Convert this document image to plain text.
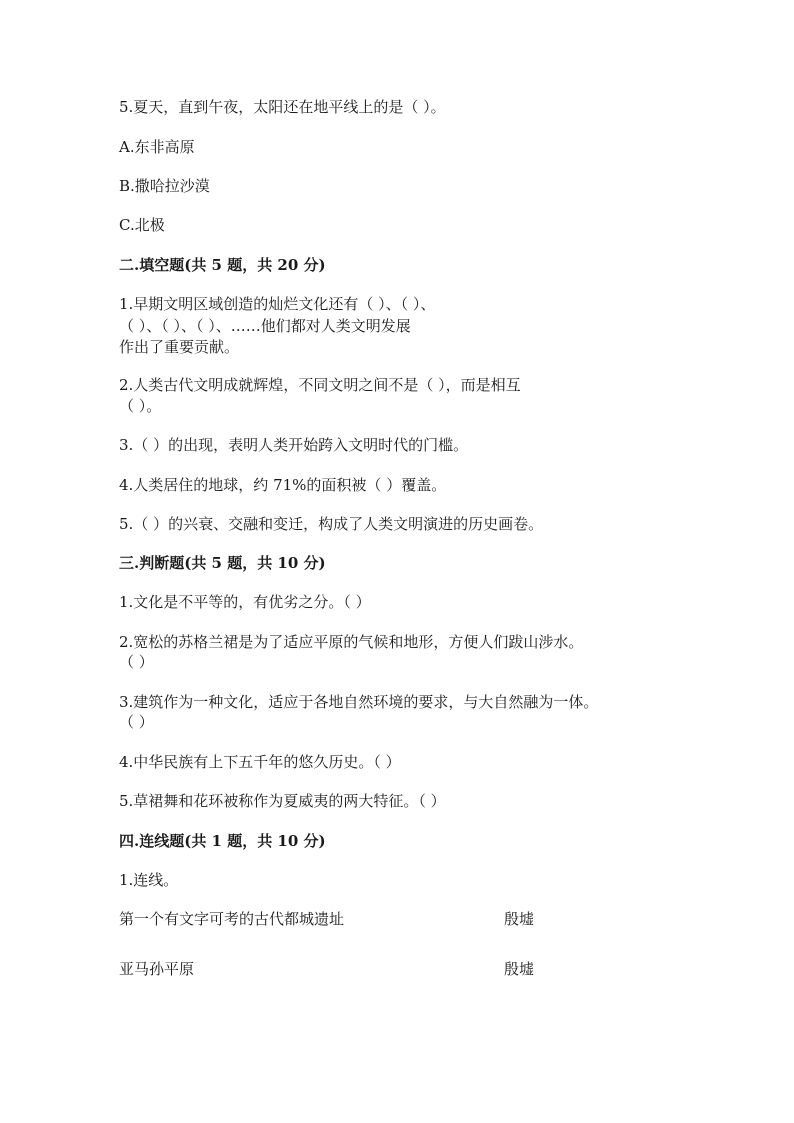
5.夏天，直到午夜，太阳还在地平线上的是（ ）。

A.东非高原

B.撒哈拉沙漠

C.北极

二.填空题(共 5 题，共 20 分)

1.早期文明区域创造的灿烂文化还有（ ）、（ ）、

（ ）、（ ）、（ ）、……他们都对人类文明发展

作出了重要贡献。

2.人类古代文明成就辉煌，不同文明之间不是（ ），而是相互

（ ）。

3.（ ）的出现，表明人类开始跨入文明时代的门槛。

4.人类居住的地球，约 71%的面积被（ ）覆盖。

5.（ ）的兴衰、交融和变迁，构成了人类文明演进的历史画卷。

三.判断题(共 5 题，共 10 分)

1.文化是不平等的，有优劣之分。（ ）

2.宽松的苏格兰裙是为了适应平原的气候和地形，方便人们跋山涉水。

（ ）

3.建筑作为一种文化，适应于各地自然环境的要求，与大自然融为一体。

（ ）

4.中华民族有上下五千年的悠久历史。（ ）

5.草裙舞和花环被称作为夏威夷的两大特征。（ ）

四.连线题(共 1 题，共 10 分)

1.连线。

第一个有文字可考的古代都城遗址	殷墟

亚马孙平原	殷墟
